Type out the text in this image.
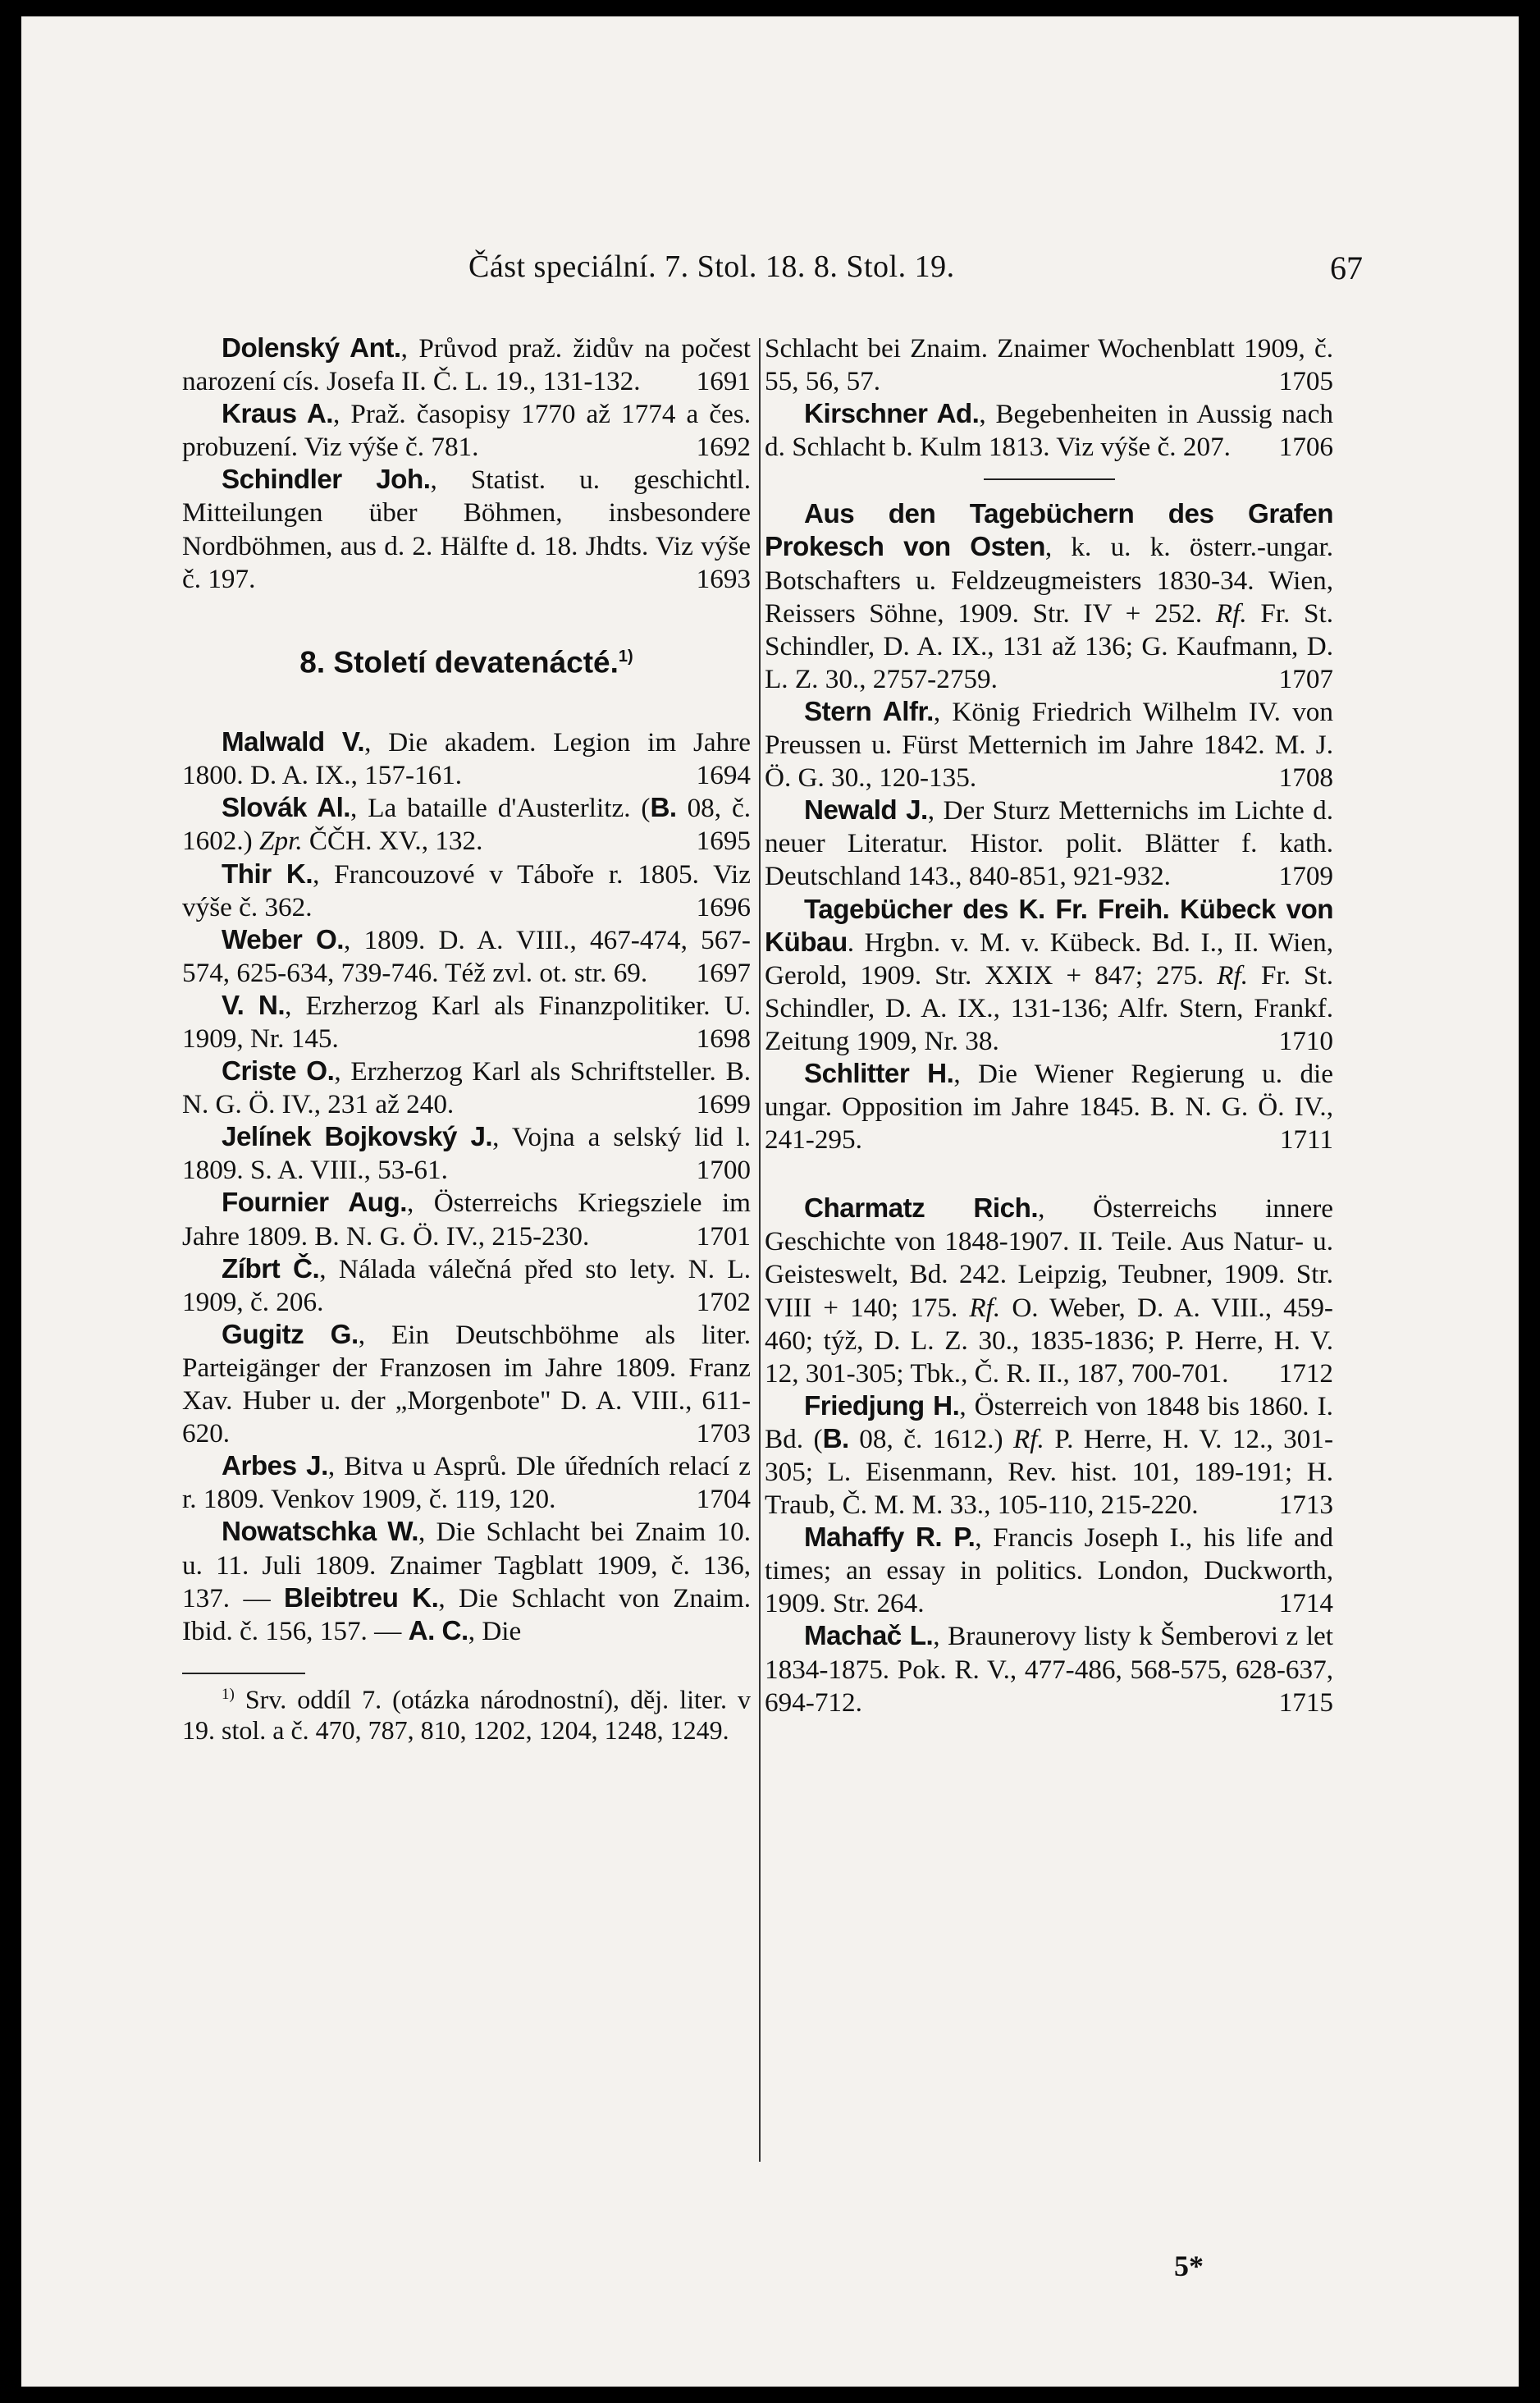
Část speciální. 7. Stol. 18. 8. Stol. 19.	67

Dolenský Ant., Průvod praž. židův na počest narození cís. Josefa II. Č. L. 19., 131-132.	1691

Kraus A., Praž. časopisy 1770 až 1774 a čes. probuzení. Viz výše č. 781.	1692

Schindler Joh., Statist. u. geschichtl. Mitteilungen über Böhmen, insbesondere Nordböhmen, aus d. 2. Hälfte d. 18. Jhdts. Viz výše č. 197.	1693

8. Století devatenácté.$^{1)}$

Malwald V., Die akadem. Legion im Jahre 1800. D. A. IX., 157-161.	1694

Slovák Al., La bataille d'Austerlitz. (B. 08, č. 1602.) Zpr. ČČH. XV., 132.	1695

Thir K., Francouzové v Táboře r. 1805. Viz výše č. 362.	1696

Weber O., 1809. D. A. VIII., 467-474, 567-574, 625-634, 739-746. Též zvl. ot. str. 69.	1697

V. N., Erzherzog Karl als Finanzpolitiker. U. 1909, Nr. 145.	1698

Criste O., Erzherzog Karl als Schriftsteller. B. N. G. Ö. IV., 231 až 240.	1699

Jelínek Bojkovský J., Vojna a selský lid l. 1809. S. A. VIII., 53-61.	1700

Fournier Aug., Österreichs Kriegsziele im Jahre 1809. B. N. G. Ö. IV., 215-230.	1701

Zíbrt Č., Nálada válečná před sto lety. N. L. 1909, č. 206.	1702

Gugitz G., Ein Deutschböhme als liter. Parteigänger der Franzosen im Jahre 1809. Franz Xav. Huber u. der „Morgenbote" D. A. VIII., 611-620.	1703

Arbes J., Bitva u Asprů. Dle úředních relací z r. 1809. Venkov 1909, č. 119, 120.	1704

Nowatschka W., Die Schlacht bei Znaim 10. u. 11. Juli 1809. Znaimer Tagblatt 1909, č. 136, 137. — Bleibtreu K., Die Schlacht von Znaim. Ibid. č. 156, 157. — A. C., Die

$^{1)}$ Srv. oddíl 7. (otázka národnostní), děj. liter. v 19. stol. a č. 470, 787, 810, 1202, 1204, 1248, 1249.

Schlacht bei Znaim. Znaimer Wochenblatt 1909, č. 55, 56, 57.	1705

Kirschner Ad., Begebenheiten in Aussig nach d. Schlacht b. Kulm 1813. Viz výše č. 207.	1706

Aus den Tagebüchern des Grafen Prokesch von Osten, k. u. k. österr.-ungar. Botschafters u. Feldzeugmeisters 1830-34. Wien, Reissers Söhne, 1909. Str. IV + 252. Rf. Fr. St. Schindler, D. A. IX., 131 až 136; G. Kaufmann, D. L. Z. 30., 2757-2759.	1707

Stern Alfr., König Friedrich Wilhelm IV. von Preussen u. Fürst Metternich im Jahre 1842. M. J. Ö. G. 30., 120-135.	1708

Newald J., Der Sturz Metternichs im Lichte d. neuer Literatur. Histor. polit. Blätter f. kath. Deutschland 143., 840-851, 921-932.	1709

Tagebücher des K. Fr. Freih. Kübeck von Kübau. Hrgbn. v. M. v. Kübeck. Bd. I., II. Wien, Gerold, 1909. Str. XXIX + 847; 275. Rf. Fr. St. Schindler, D. A. IX., 131-136; Alfr. Stern, Frankf. Zeitung 1909, Nr. 38.	1710

Schlitter H., Die Wiener Regierung u. die ungar. Opposition im Jahre 1845. B. N. G. Ö. IV., 241-295.	1711

Charmatz Rich., Österreichs innere Geschichte von 1848-1907. II. Teile. Aus Natur- u. Geisteswelt, Bd. 242. Leipzig, Teubner, 1909. Str. VIII + 140; 175. Rf. O. Weber, D. A. VIII., 459-460; týž, D. L. Z. 30., 1835-1836; P. Herre, H. V. 12, 301-305; Tbk., Č. R. II., 187, 700-701.	1712

Friedjung H., Österreich von 1848 bis 1860. I. Bd. (B. 08, č. 1612.) Rf. P. Herre, H. V. 12., 301-305; L. Eisenmann, Rev. hist. 101, 189-191; H. Traub, Č. M. M. 33., 105-110, 215-220.	1713

Mahaffy R. P., Francis Joseph I., his life and times; an essay in politics. London, Duckworth, 1909. Str. 264.	1714

Machač L., Braunerovy listy k Šemberovi z let 1834-1875. Pok. R. V., 477-486, 568-575, 628-637, 694-712.	1715

5*
